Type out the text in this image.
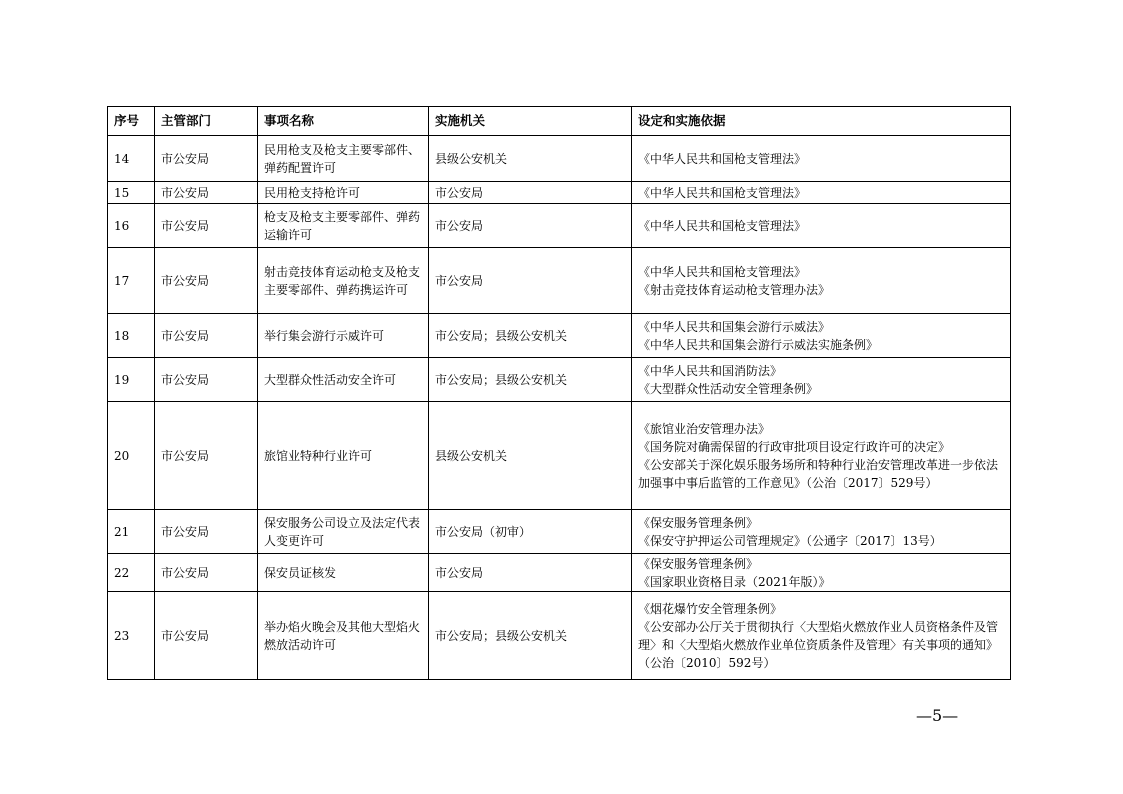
序号	主管部门	事项名称	实施机关	设定和实施依据
14	市公安局	民用枪支及枪支主要零部件、弹药配置许可	县级公安机关	《中华人民共和国枪支管理法》

15	市公安局	民用枪支持枪许可	市公安局	《中华人民共和国枪支管理法》

16	市公安局	枪支及枪支主要零部件、弹药运输许可	市公安局	《中华人民共和国枪支管理法》

17	市公安局	射击竞技体育运动枪支及枪支主要零部件、弹药携运许可	市公安局	《中华人民共和国枪支管理法》
《射击竞技体育运动枪支管理办法》

18	市公安局	举行集会游行示威许可	市公安局；县级公安机关	《中华人民共和国集会游行示威法》
《中华人民共和国集会游行示威法实施条例》

19	市公安局	大型群众性活动安全许可	市公安局；县级公安机关	《中华人民共和国消防法》
《大型群众性活动安全管理条例》

20	市公安局	旅馆业特种行业许可	县级公安机关	《旅馆业治安管理办法》
《国务院对确需保留的行政审批项目设定行政许可的决定》
《公安部关于深化娱乐服务场所和特种行业治安管理改革进一步依法加强事中事后监管的工作意见》（公治〔2017〕529号）

21	市公安局	保安服务公司设立及法定代表人变更许可	市公安局（初审）	《保安服务管理条例》
《保安守护押运公司管理规定》（公通字〔2017〕13号）

22	市公安局	保安员证核发	市公安局	《保安服务管理条例》
《国家职业资格目录（2021年版）》

23	市公安局	举办焰火晚会及其他大型焰火燃放活动许可	市公安局；县级公安机关	《烟花爆竹安全管理条例》
《公安部办公厅关于贯彻执行〈大型焰火燃放作业人员资格条件及管理〉和〈大型焰火燃放作业单位资质条件及管理〉有关事项的通知》（公治〔2010〕592号）
—5—
